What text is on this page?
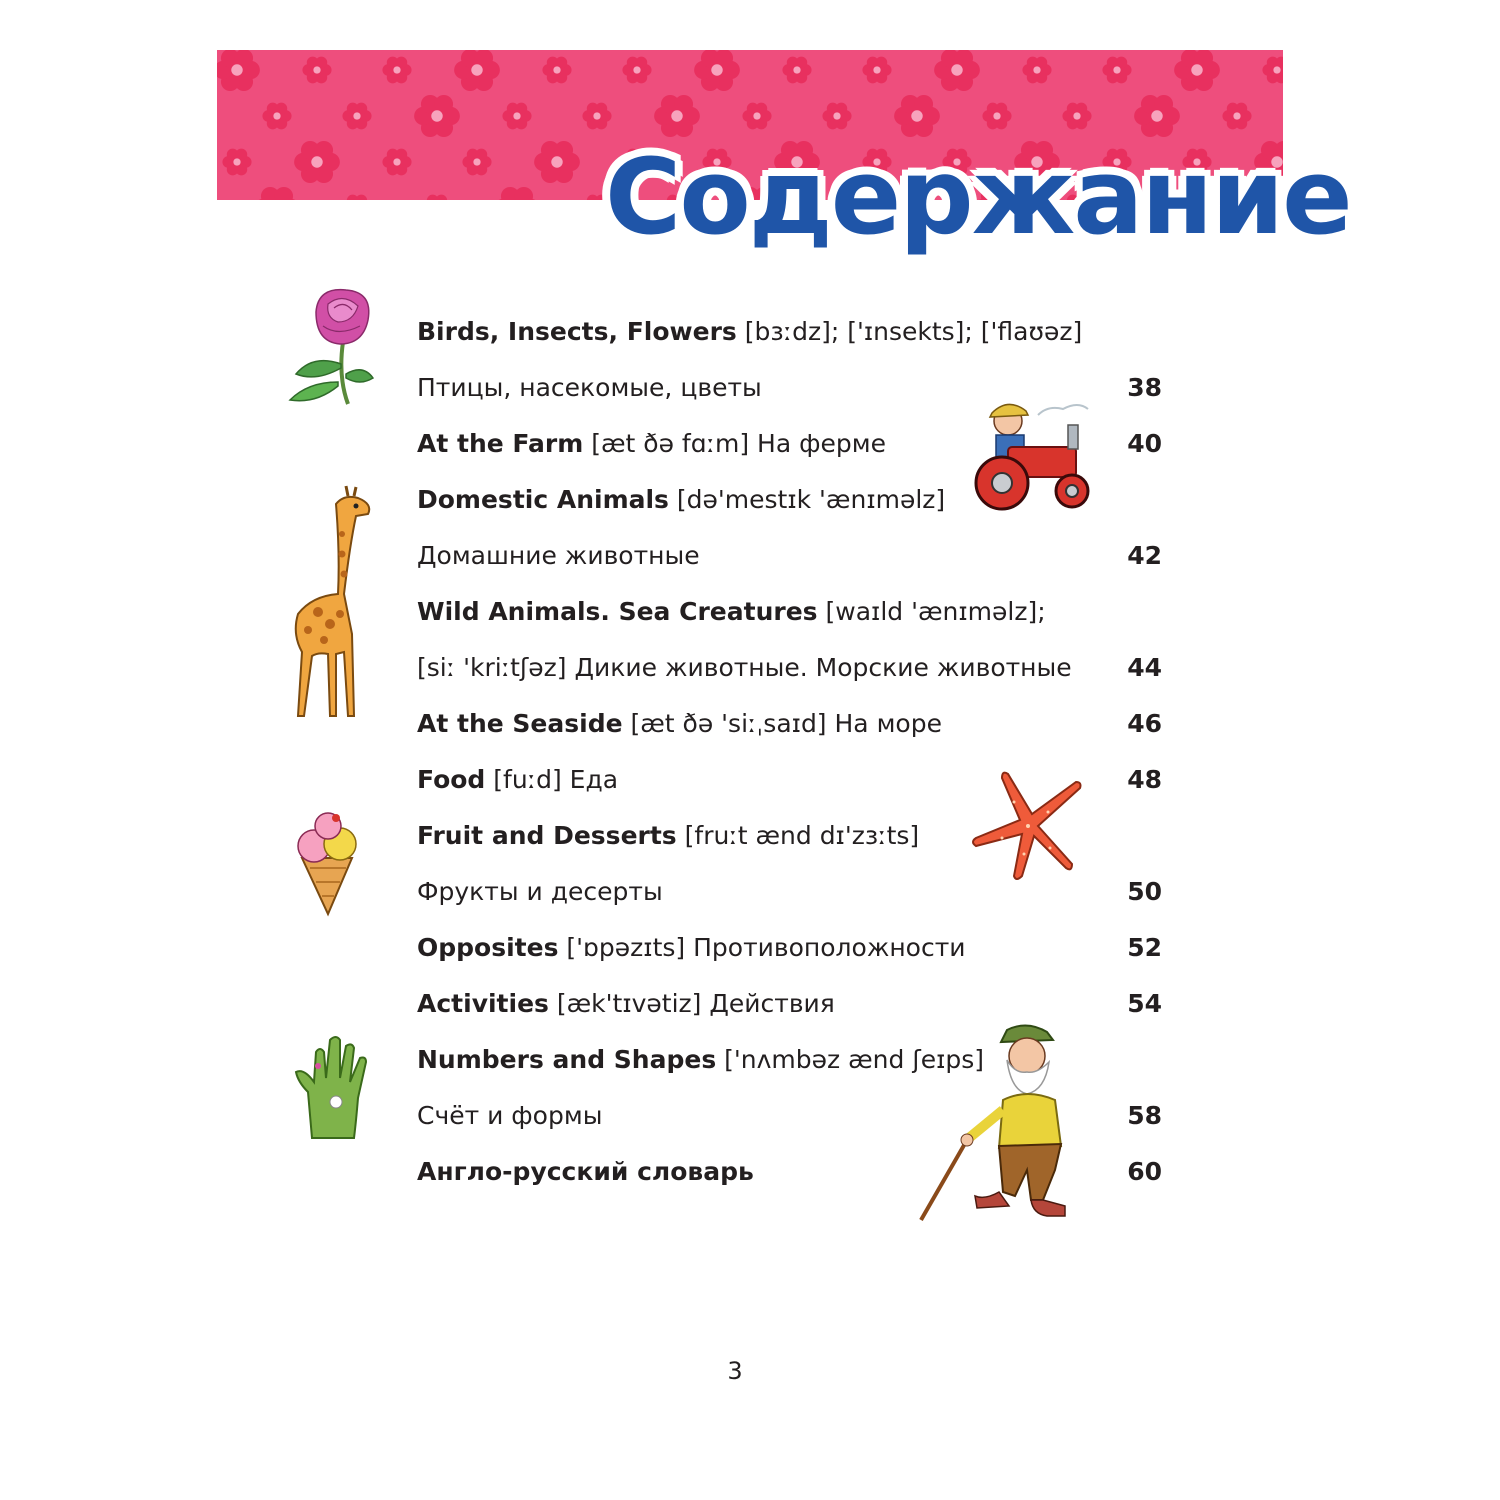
Содержание
Birds, Insects, Flowers [bɜːdz]; ['ɪnsekts]; ['flaʊəz]
Птицы, насекомые, цветы	38
At the Farm [æt ðə fɑːm] На ферме	40
Domestic Animals [də'mestɪk 'ænɪməlz]
Домашние животные	42
Wild Animals. Sea Creatures [waɪld 'ænɪməlz];
[siː 'kriːtʃəz] Дикие животные. Морские животные 44
At the Seaside [æt ðə 'siːˌsaɪd] На море	46
Food [fuːd] Еда	48
Fruit and Desserts [fruːt ænd dɪ'zɜːts]
Фрукты и десерты	50
Opposites ['ɒpəzɪts] Противоположности	52
Activities [æk'tɪvətiz] Действия	54
Numbers and Shapes ['nʌmbəz ænd ʃeɪps]
Счёт и формы	58
Англо-русский словарь	60
3
